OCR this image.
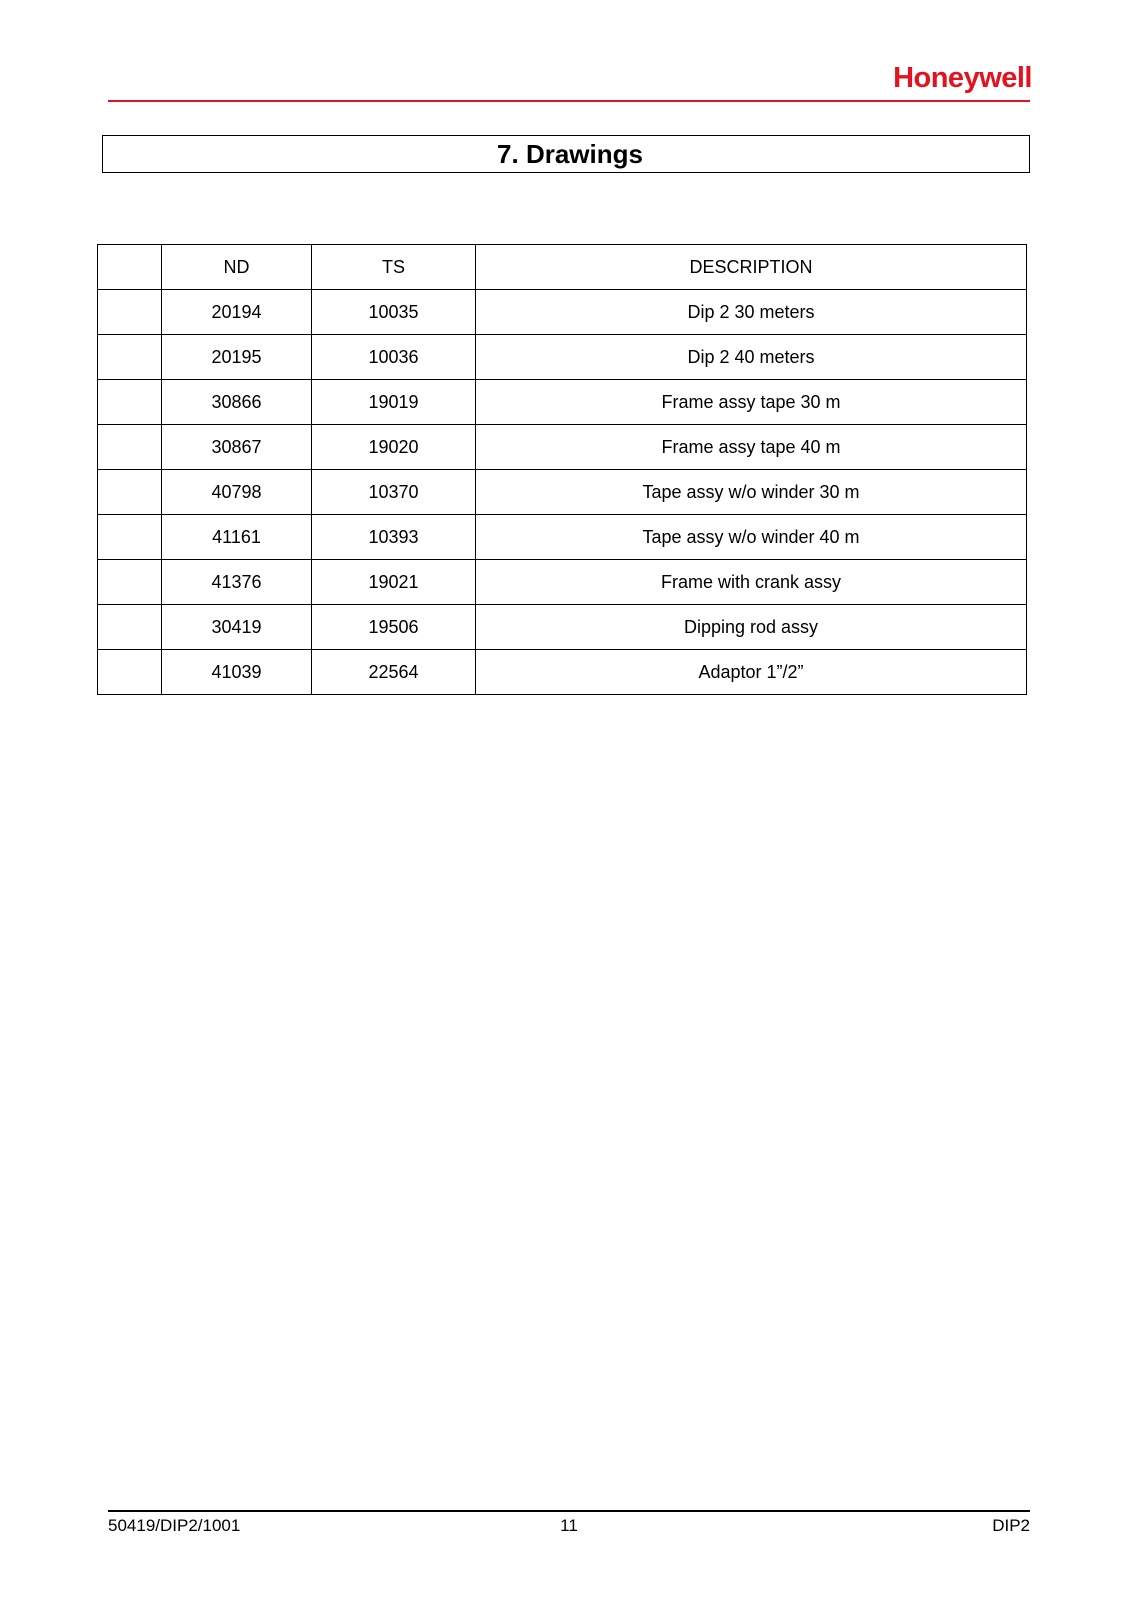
Honeywell
7. Drawings
	ND	TS	DESCRIPTION
	20194	10035	Dip 2 30 meters
	20195	10036	Dip 2 40 meters
	30866	19019	Frame assy tape 30 m
	30867	19020	Frame assy tape 40 m
	40798	10370	Tape assy w/o winder 30 m
	41161	10393	Tape assy w/o winder 40 m
	41376	19021	Frame with crank assy
	30419	19506	Dipping rod assy
	41039	22564	Adaptor 1”/2”
11
50419/DIP2/1001	DIP2
